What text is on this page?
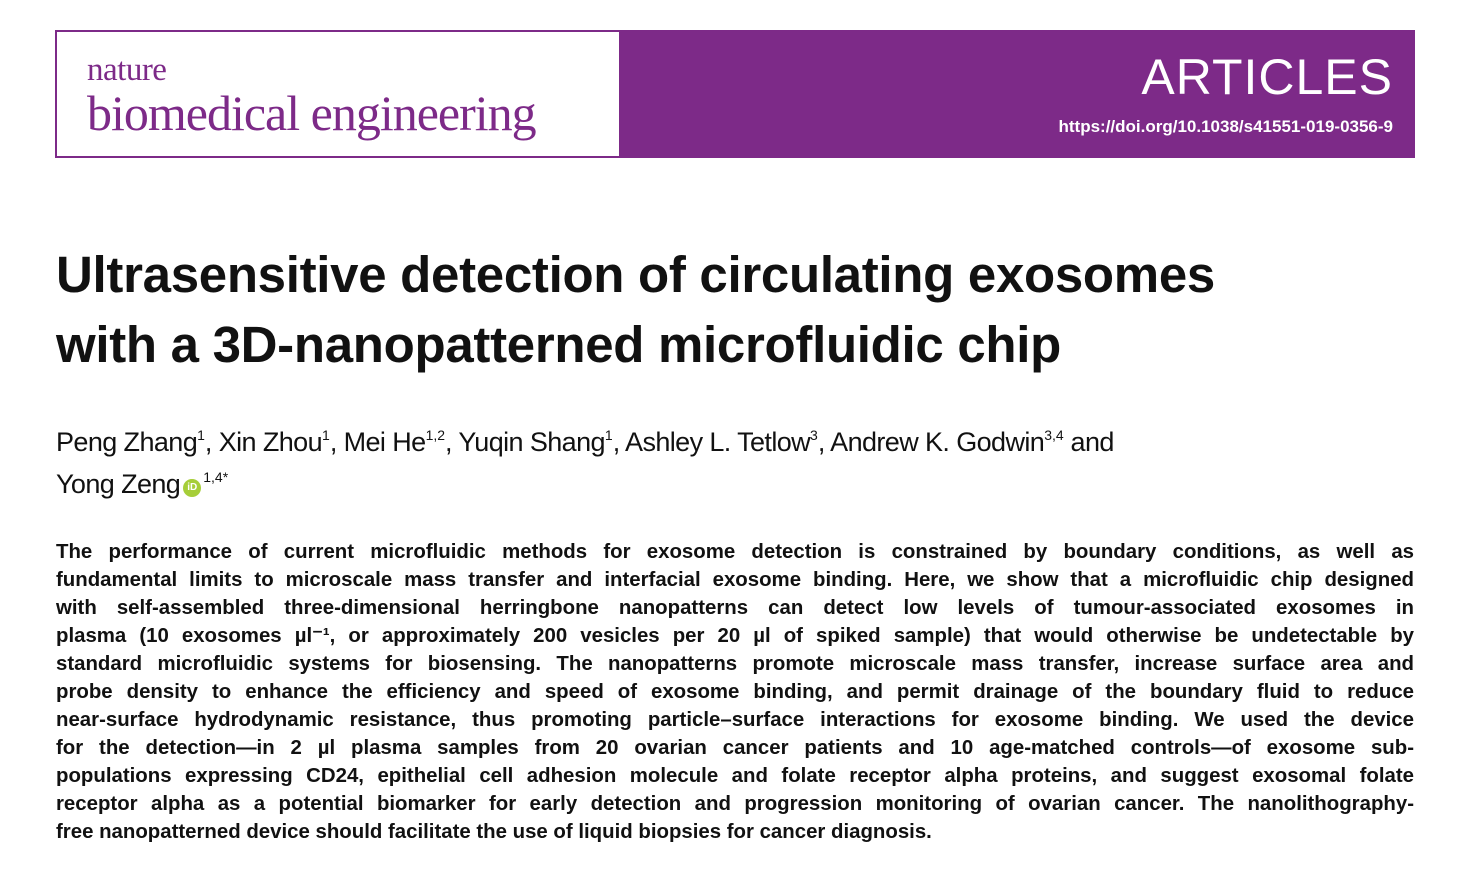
nature
biomedical engineering
ARTICLES
https://doi.org/10.1038/s41551-019-0356-9
Ultrasensitive detection of circulating exosomes
with a 3D-nanopatterned microfluidic chip
Peng Zhang$^1$, Xin Zhou$^1$, Mei He$^{1,2}$, Yuqin Shang$^1$, Ashley L. Tetlow$^3$, Andrew K. Godwin$^{3,4}$ and
Yong Zeng $iD^{1,4*}$
The performance of current microfluidic methods for exosome detection is constrained by boundary conditions, as well as
fundamental limits to microscale mass transfer and interfacial exosome binding. Here, we show that a microfluidic chip designed
with self-assembled three-dimensional herringbone nanopatterns can detect low levels of tumour-associated exosomes in
plasma (10 exosomes µl⁻¹, or approximately 200 vesicles per 20 µl of spiked sample) that would otherwise be undetectable by
standard microfluidic systems for biosensing. The nanopatterns promote microscale mass transfer, increase surface area and
probe density to enhance the efficiency and speed of exosome binding, and permit drainage of the boundary fluid to reduce
near-surface hydrodynamic resistance, thus promoting particle–surface interactions for exosome binding. We used the device
for the detection—in 2 µl plasma samples from 20 ovarian cancer patients and 10 age-matched controls—of exosome sub-
populations expressing CD24, epithelial cell adhesion molecule and folate receptor alpha proteins, and suggest exosomal folate
receptor alpha as a potential biomarker for early detection and progression monitoring of ovarian cancer. The nanolithography-
free nanopatterned device should facilitate the use of liquid biopsies for cancer diagnosis.
